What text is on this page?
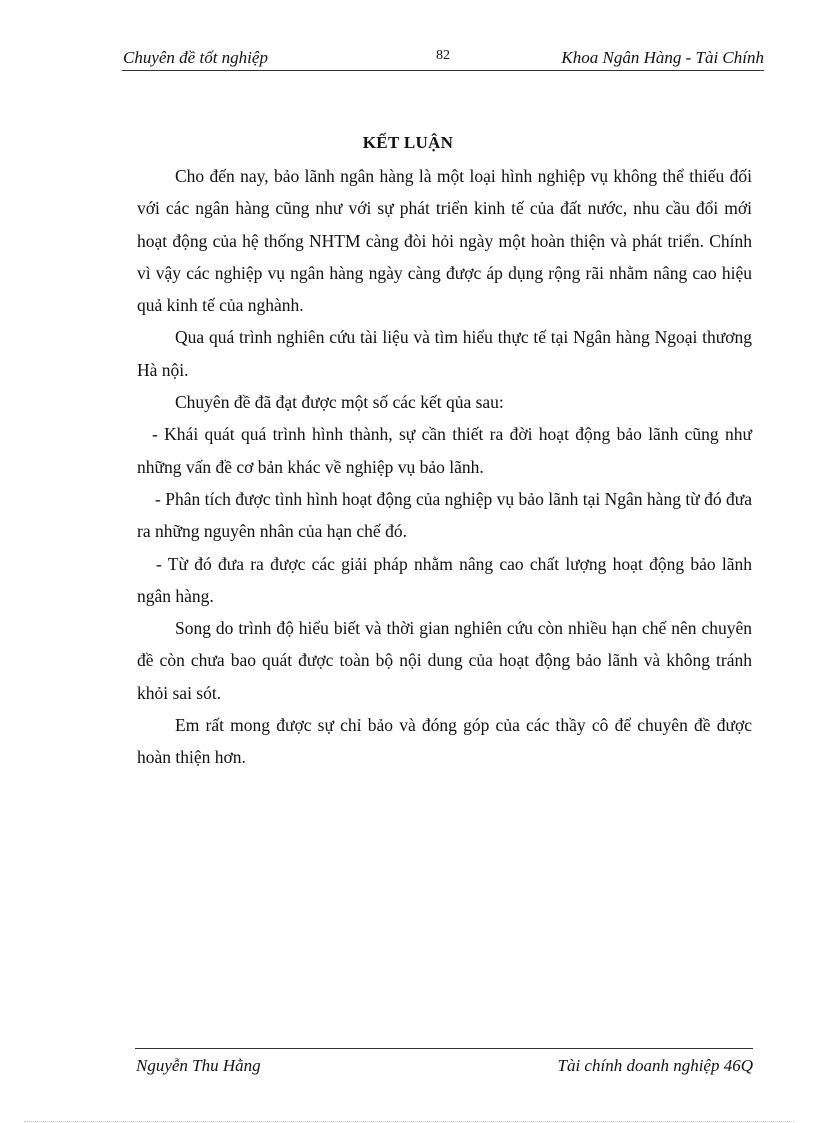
Chuyên đề tốt nghiệp	82	Khoa Ngân Hàng - Tài Chính
KẾT LUẬN

Cho đến nay, bảo lãnh ngân hàng là một loại hình nghiệp vụ không thể thiếu đối với các ngân hàng cũng như với sự phát triển kinh tế của đất nước, nhu cầu đổi mới hoạt động của hệ thống NHTM càng đòi hỏi ngày một hoàn thiện và phát triển. Chính vì vậy các nghiệp vụ ngân hàng ngày càng được áp dụng rộng rãi nhằm nâng cao hiệu quả kinh tế của nghành.

Qua quá trình nghiên cứu tài liệu và tìm hiểu thực tế tại Ngân hàng Ngoại thương Hà nội.

Chuyên đề đã đạt được một số các kết qủa sau:

- Khái quát quá trình hình thành, sự cần thiết ra đời hoạt động bảo lãnh cũng như những vấn đề cơ bản khác về nghiệp vụ bảo lãnh.

- Phân tích được tình hình hoạt động của nghiệp vụ bảo lãnh tại Ngân hàng từ đó đưa ra những nguyên nhân của hạn chế đó.

- Từ đó đưa ra được các giải pháp nhằm nâng cao chất lượng hoạt động bảo lãnh ngân hàng.

Song do trình độ hiểu biết và thời gian nghiên cứu còn nhiều hạn chế nên chuyên đề còn chưa bao quát được toàn bộ nội dung của hoạt động bảo lãnh và không tránh khỏi sai sót.

Em rất mong được sự chỉ bảo và đóng góp của các thầy cô để chuyên đề được hoàn thiện hơn.

Nguyễn Thu Hằng	Tài chính doanh nghiệp 46Q
